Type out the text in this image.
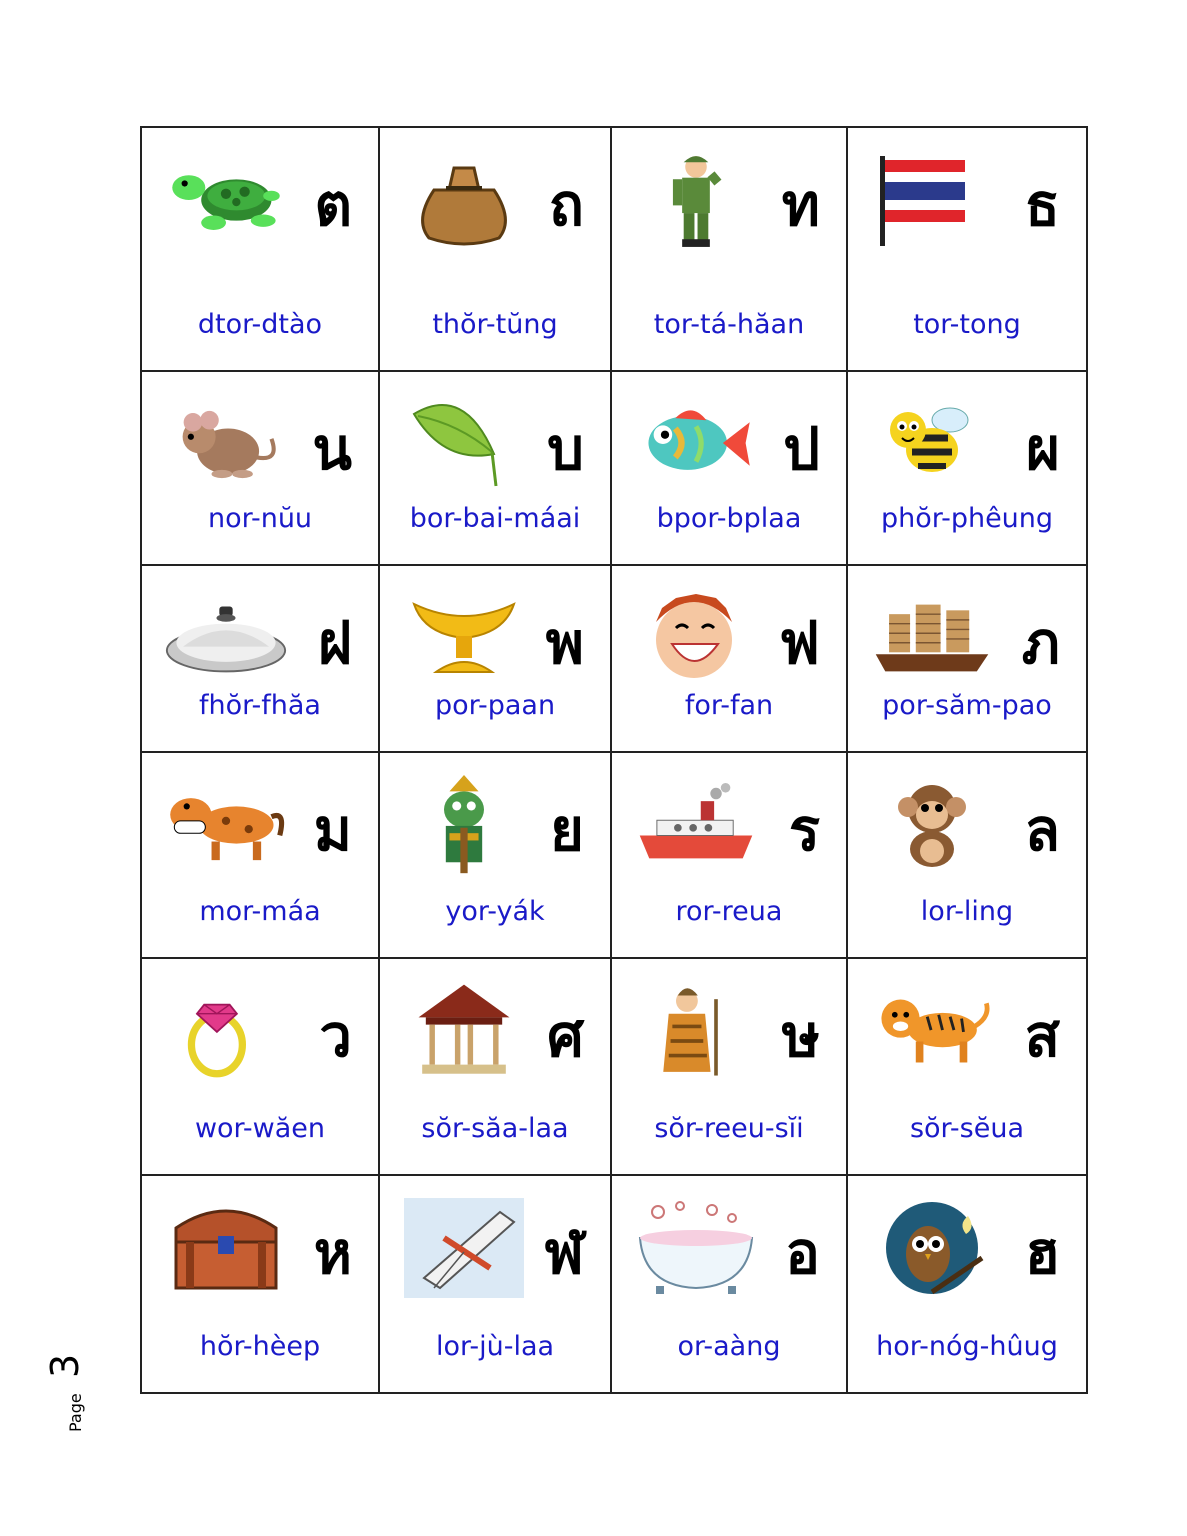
ต
dtor-dtào
ถ
thŏr-tŭng
ท
tor-tá-hăan
ธ
tor-tong
น
nor-nŭu
บ
bor-bai-máai
ป
bpor-bplaa
ผ
phŏr-phêung
ฝ
fhŏr-fhăa
พ
por-paan
ฟ
for-fan
ภ
por-săm-pao
ม
mor-máa
ย
yor-yák
ร
ror-reua
ล
lor-ling
ว
wor-wăen
ศ
sŏr-săa-laa
ษ
sŏr-reeu-sĭi
ส
sŏr-sĕua
ห
hŏr-hèep
ฬ
lor-jù-laa
อ
or-aàng
ฮ
hor-nóg-hûug
Page
3
